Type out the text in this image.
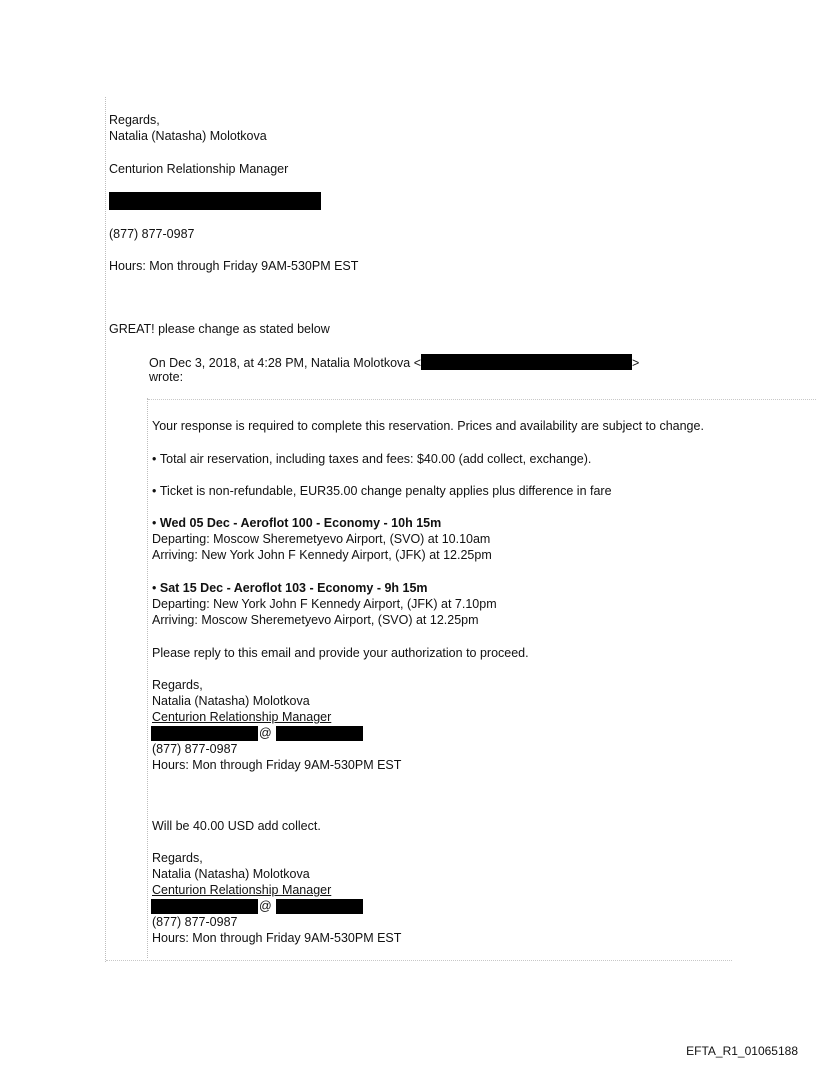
Regards,
Natalia (Natasha) Molotkova
Centurion Relationship Manager
(877) 877-0987
Hours: Mon through Friday 9AM-530PM EST
GREAT! please change as stated below
On Dec 3, 2018, at 4:28 PM, Natalia Molotkova <	>
wrote:
Your response is required to complete this reservation. Prices and availability are subject to change.
• Total air reservation, including taxes and fees: $40.00 (add collect, exchange).
• Ticket is non-refundable, EUR35.00 change penalty applies plus difference in fare
• Wed 05 Dec - Aeroflot 100 - Economy - 10h 15m
Departing: Moscow Sheremetyevo Airport, (SVO) at 10.10am
Arriving: New York John F Kennedy Airport, (JFK) at 12.25pm
• Sat 15 Dec - Aeroflot 103 - Economy - 9h 15m
Departing: New York John F Kennedy Airport, (JFK) at 7.10pm
Arriving: Moscow Sheremetyevo Airport, (SVO) at 12.25pm
Please reply to this email and provide your authorization to proceed.
Regards,
Natalia (Natasha) Molotkova
Centurion Relationship Manager
@
(877) 877-0987
Hours: Mon through Friday 9AM-530PM EST
Will be 40.00 USD add collect.
Regards,
Natalia (Natasha) Molotkova
Centurion Relationship Manager
@
(877) 877-0987
Hours: Mon through Friday 9AM-530PM EST
EFTA_R1_01065188
